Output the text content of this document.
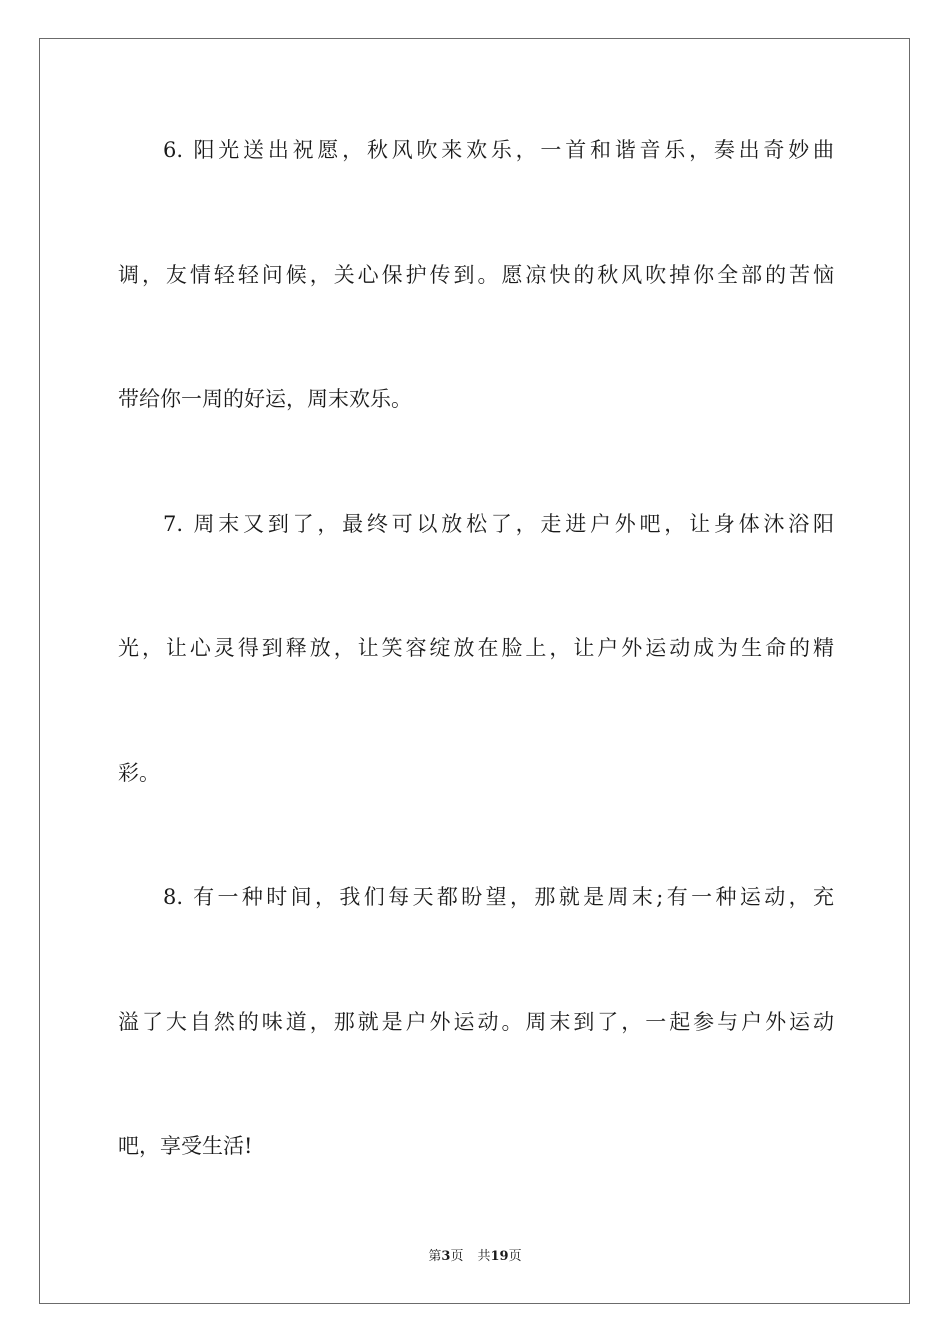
6. 阳光送出祝愿，秋风吹来欢乐，一首和谐音乐，奏出奇妙曲
调，友情轻轻问候，关心保护传到。愿凉快的秋风吹掉你全部的苦恼
带给你一周的好运，周末欢乐。
7. 周末又到了，最终可以放松了，走进户外吧，让身体沐浴阳
光，让心灵得到释放，让笑容绽放在脸上，让户外运动成为生命的精
彩。
8. 有一种时间，我们每天都盼望，那就是周末;有一种运动，充
溢了大自然的味道，那就是户外运动。周末到了，一起参与户外运动
吧，享受生活!
第3页 共19页
